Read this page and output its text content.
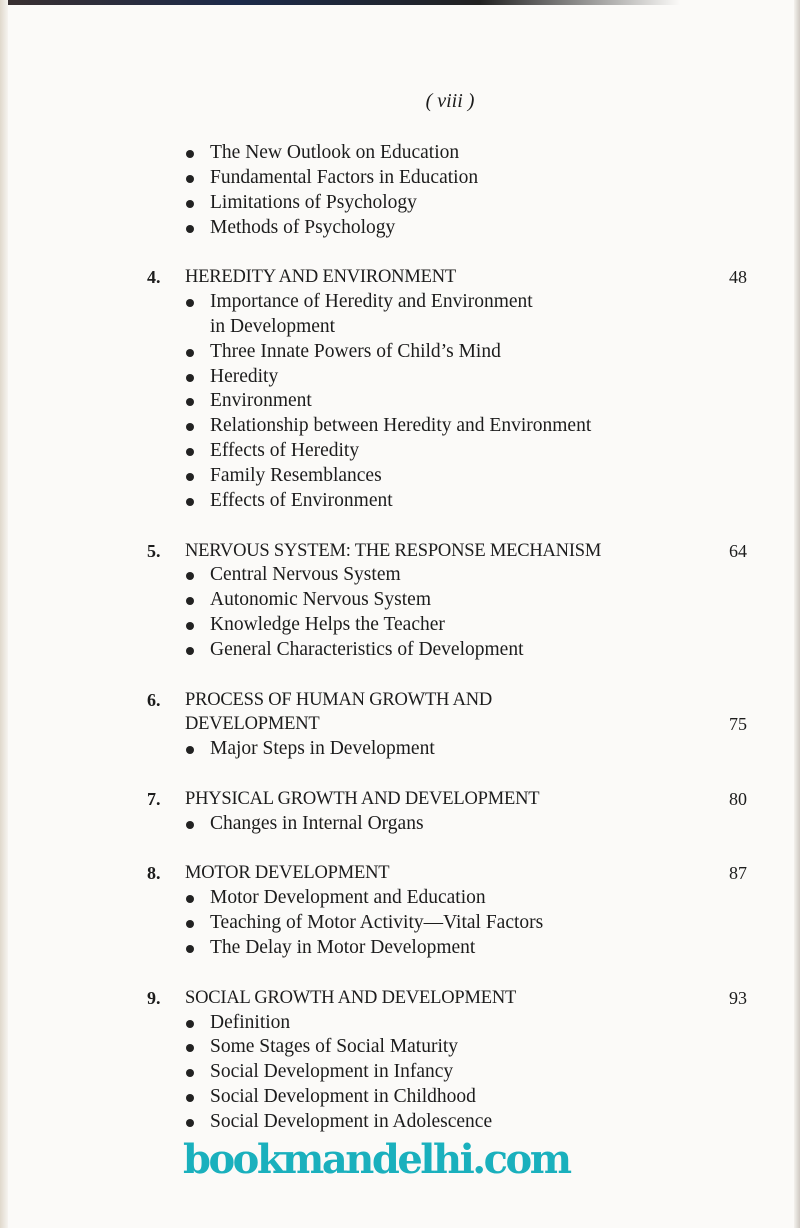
( viii )
The New Outlook on Education
Fundamental Factors in Education
Limitations of Psychology
Methods of Psychology
4. HEREDITY AND ENVIRONMENT	48
Importance of Heredity and Environment
in Development
Three Innate Powers of Child’s Mind
Heredity
Environment
Relationship between Heredity and Environment
Effects of Heredity
Family Resemblances
Effects of Environment
5. NERVOUS SYSTEM: THE RESPONSE MECHANISM	64
Central Nervous System
Autonomic Nervous System
Knowledge Helps the Teacher
General Characteristics of Development
6. PROCESS OF HUMAN GROWTH AND
DEVELOPMENT	75
Major Steps in Development
7. PHYSICAL GROWTH AND DEVELOPMENT	80
Changes in Internal Organs
8. MOTOR DEVELOPMENT	87
Motor Development and Education
Teaching of Motor Activity—Vital Factors
The Delay in Motor Development
9. SOCIAL GROWTH AND DEVELOPMENT	93
Definition
Some Stages of Social Maturity
Social Development in Infancy
Social Development in Childhood
Social Development in Adolescence
bookmandelhi.com
